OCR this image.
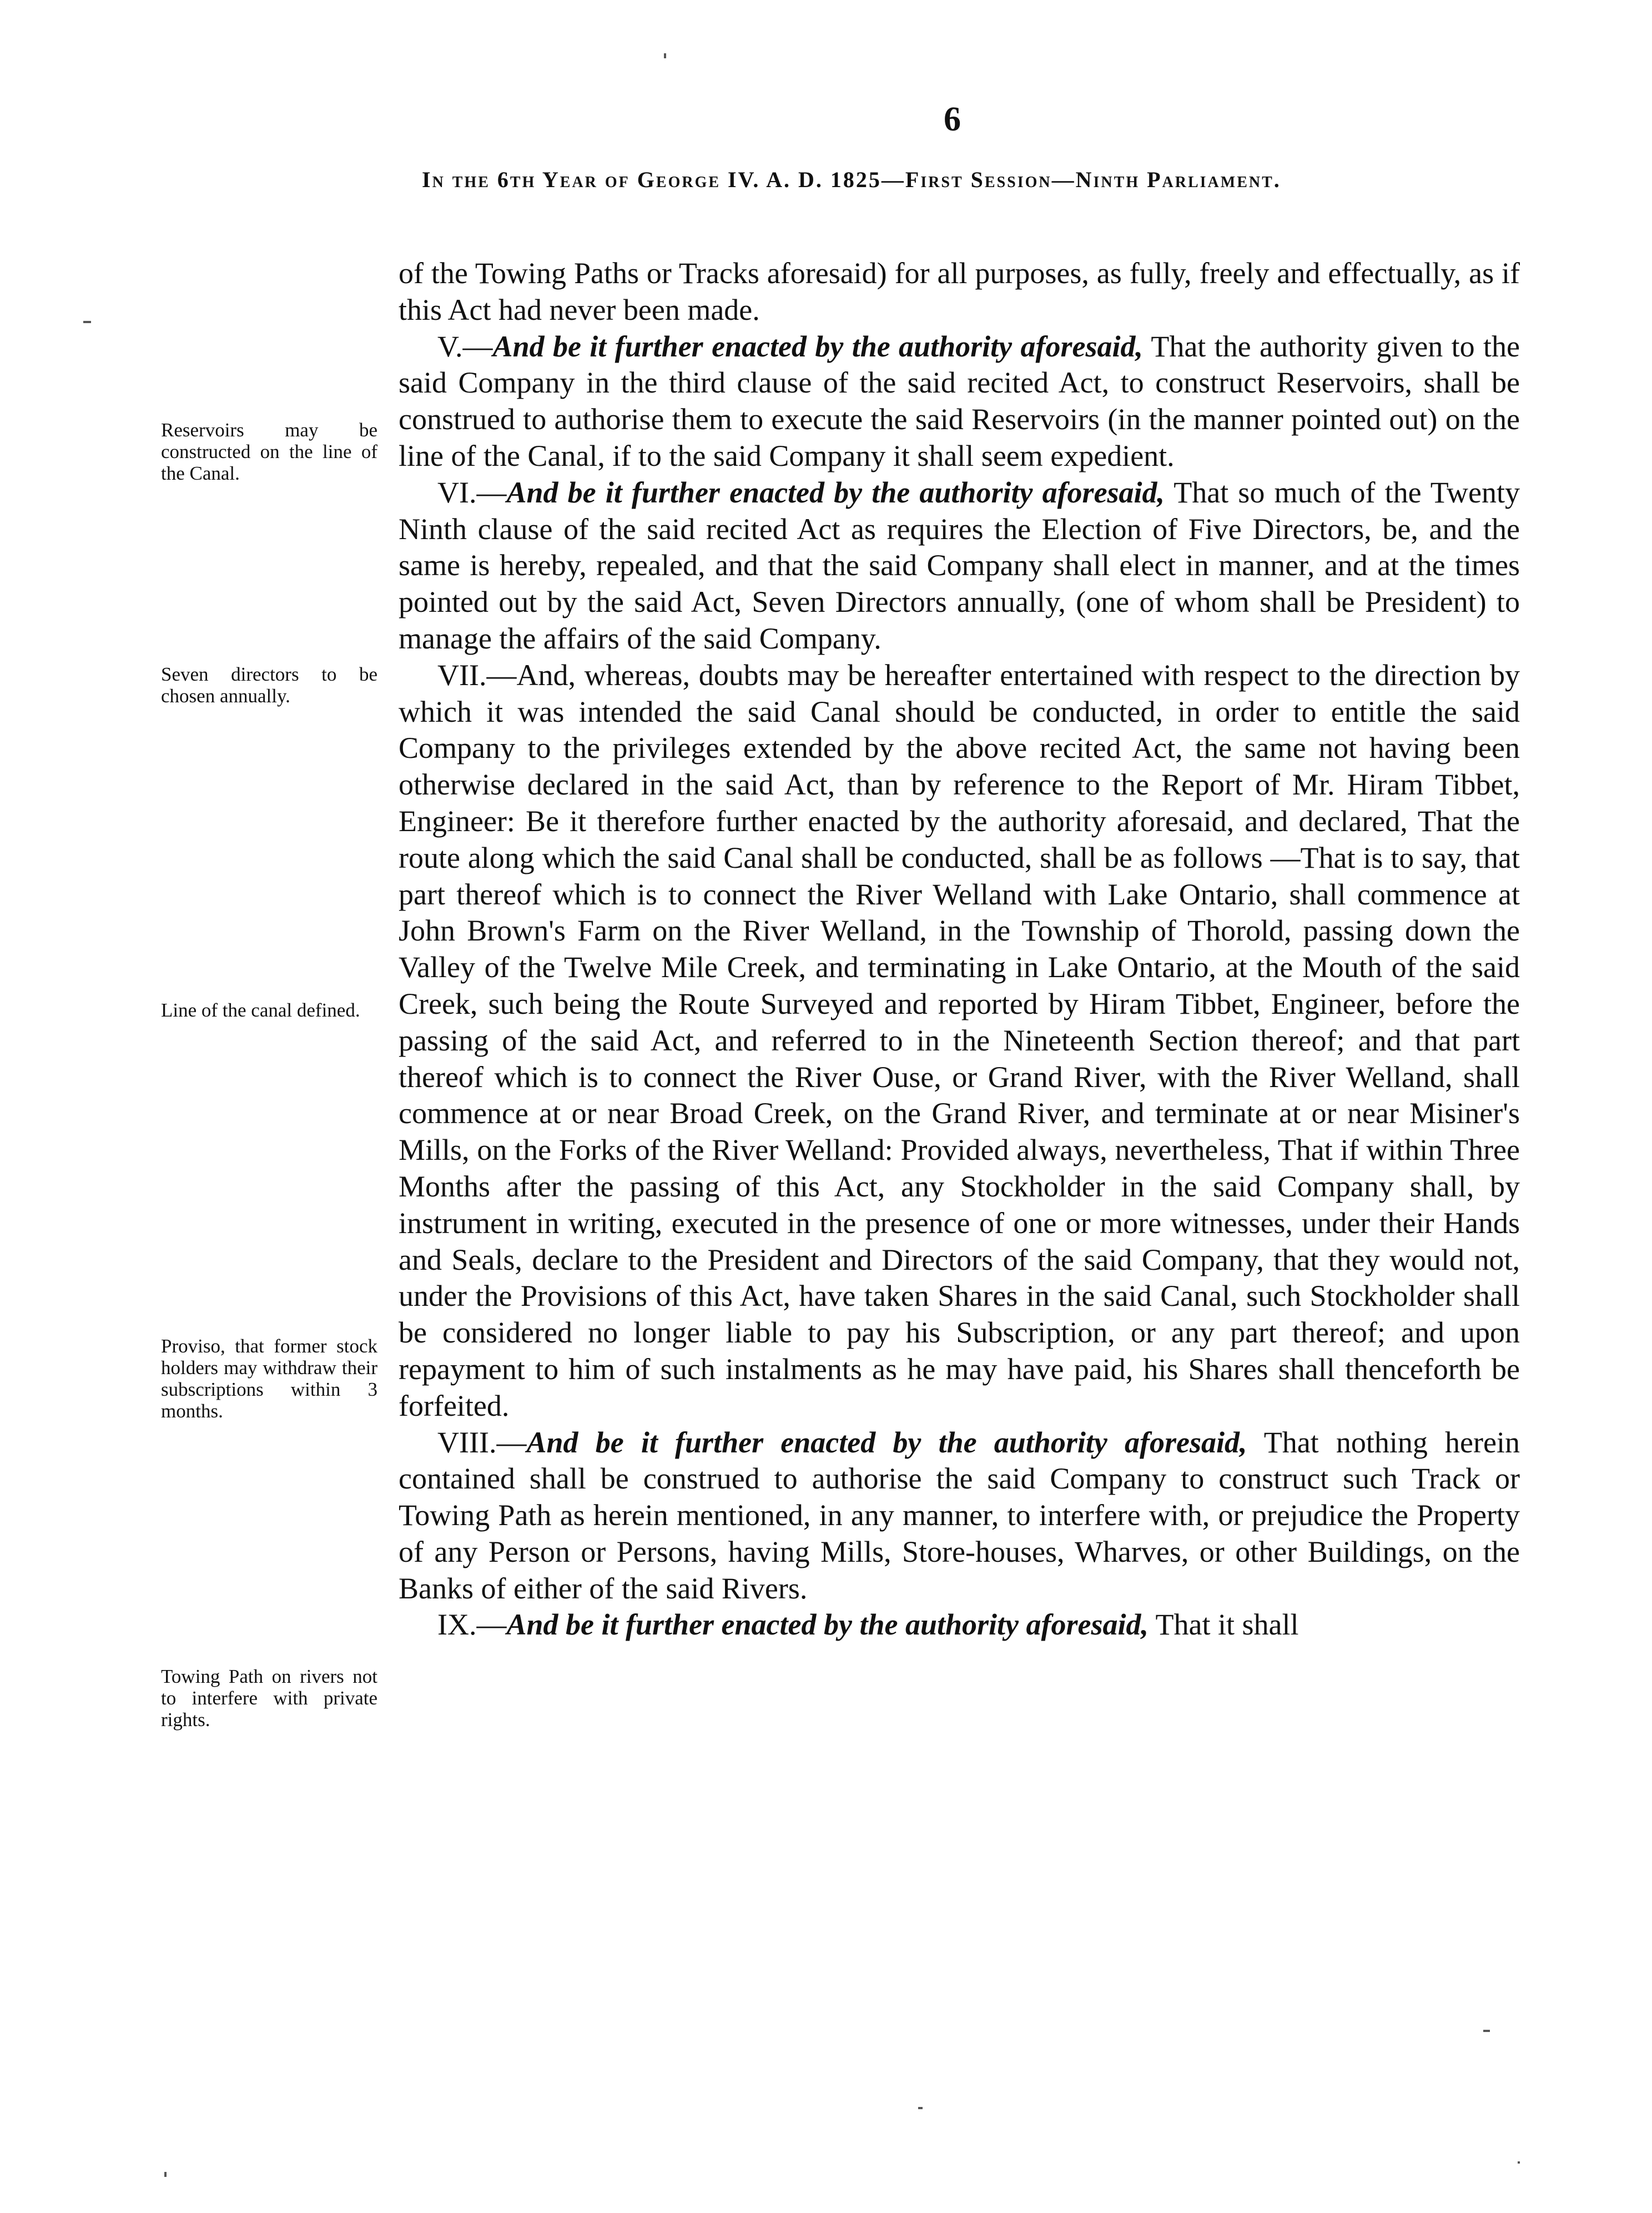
6
In the 6th Year of George IV. A. D. 1825—First Session—Ninth Parliament.
Reservoirs may be constructed on the line of the Canal.
Seven directors to be chosen annually.
Line of the canal defined.
Proviso, that former stock holders may withdraw their subscriptions within 3 months.
Towing Path on rivers not to interfere with private rights.

of the Towing Paths or Tracks aforesaid) for all purposes, as fully, freely and effectually, as if this Act had never been made.

V.—And be it further enacted by the authority aforesaid, That the authority given to the said Company in the third clause of the said recited Act, to construct Reservoirs, shall be construed to authorise them to execute the said Reservoirs (in the manner pointed out) on the line of the Canal, if to the said Company it shall seem expedient.

VI.—And be it further enacted by the authority aforesaid, That so much of the Twenty Ninth clause of the said recited Act as requires the Election of Five Directors, be, and the same is hereby, repealed, and that the said Company shall elect in manner, and at the times pointed out by the said Act, Seven Directors annually, (one of whom shall be President) to manage the affairs of the said Company.

VII.—And, whereas, doubts may be hereafter entertained with respect to the direction by which it was intended the said Canal should be conducted, in order to entitle the said Company to the privileges extended by the above recited Act, the same not having been otherwise declared in the said Act, than by reference to the Report of Mr. Hiram Tibbet, Engineer: Be it therefore further enacted by the authority aforesaid, and declared, That the route along which the said Canal shall be conducted, shall be as follows —That is to say, that part thereof which is to connect the River Welland with Lake Ontario, shall commence at John Brown's Farm on the River Welland, in the Township of Thorold, passing down the Valley of the Twelve Mile Creek, and terminating in Lake Ontario, at the Mouth of the said Creek, such being the Route Surveyed and reported by Hiram Tibbet, Engineer, before the passing of the said Act, and referred to in the Nineteenth Section thereof; and that part thereof which is to connect the River Ouse, or Grand River, with the River Welland, shall commence at or near Broad Creek, on the Grand River, and terminate at or near Misiner's Mills, on the Forks of the River Welland: Provided always, nevertheless, That if within Three Months after the passing of this Act, any Stockholder in the said Company shall, by instrument in writing, executed in the presence of one or more witnesses, under their Hands and Seals, declare to the President and Directors of the said Company, that they would not, under the Provisions of this Act, have taken Shares in the said Canal, such Stockholder shall be considered no longer liable to pay his Subscription, or any part thereof; and upon repayment to him of such instalments as he may have paid, his Shares shall thenceforth be forfeited.

VIII.—And be it further enacted by the authority aforesaid, That nothing herein contained shall be construed to authorise the said Company to construct such Track or Towing Path as herein mentioned, in any manner, to interfere with, or prejudice the Property of any Person or Persons, having Mills, Store-houses, Wharves, or other Buildings, on the Banks of either of the said Rivers.

IX.—And be it further enacted by the authority aforesaid, That it shall
